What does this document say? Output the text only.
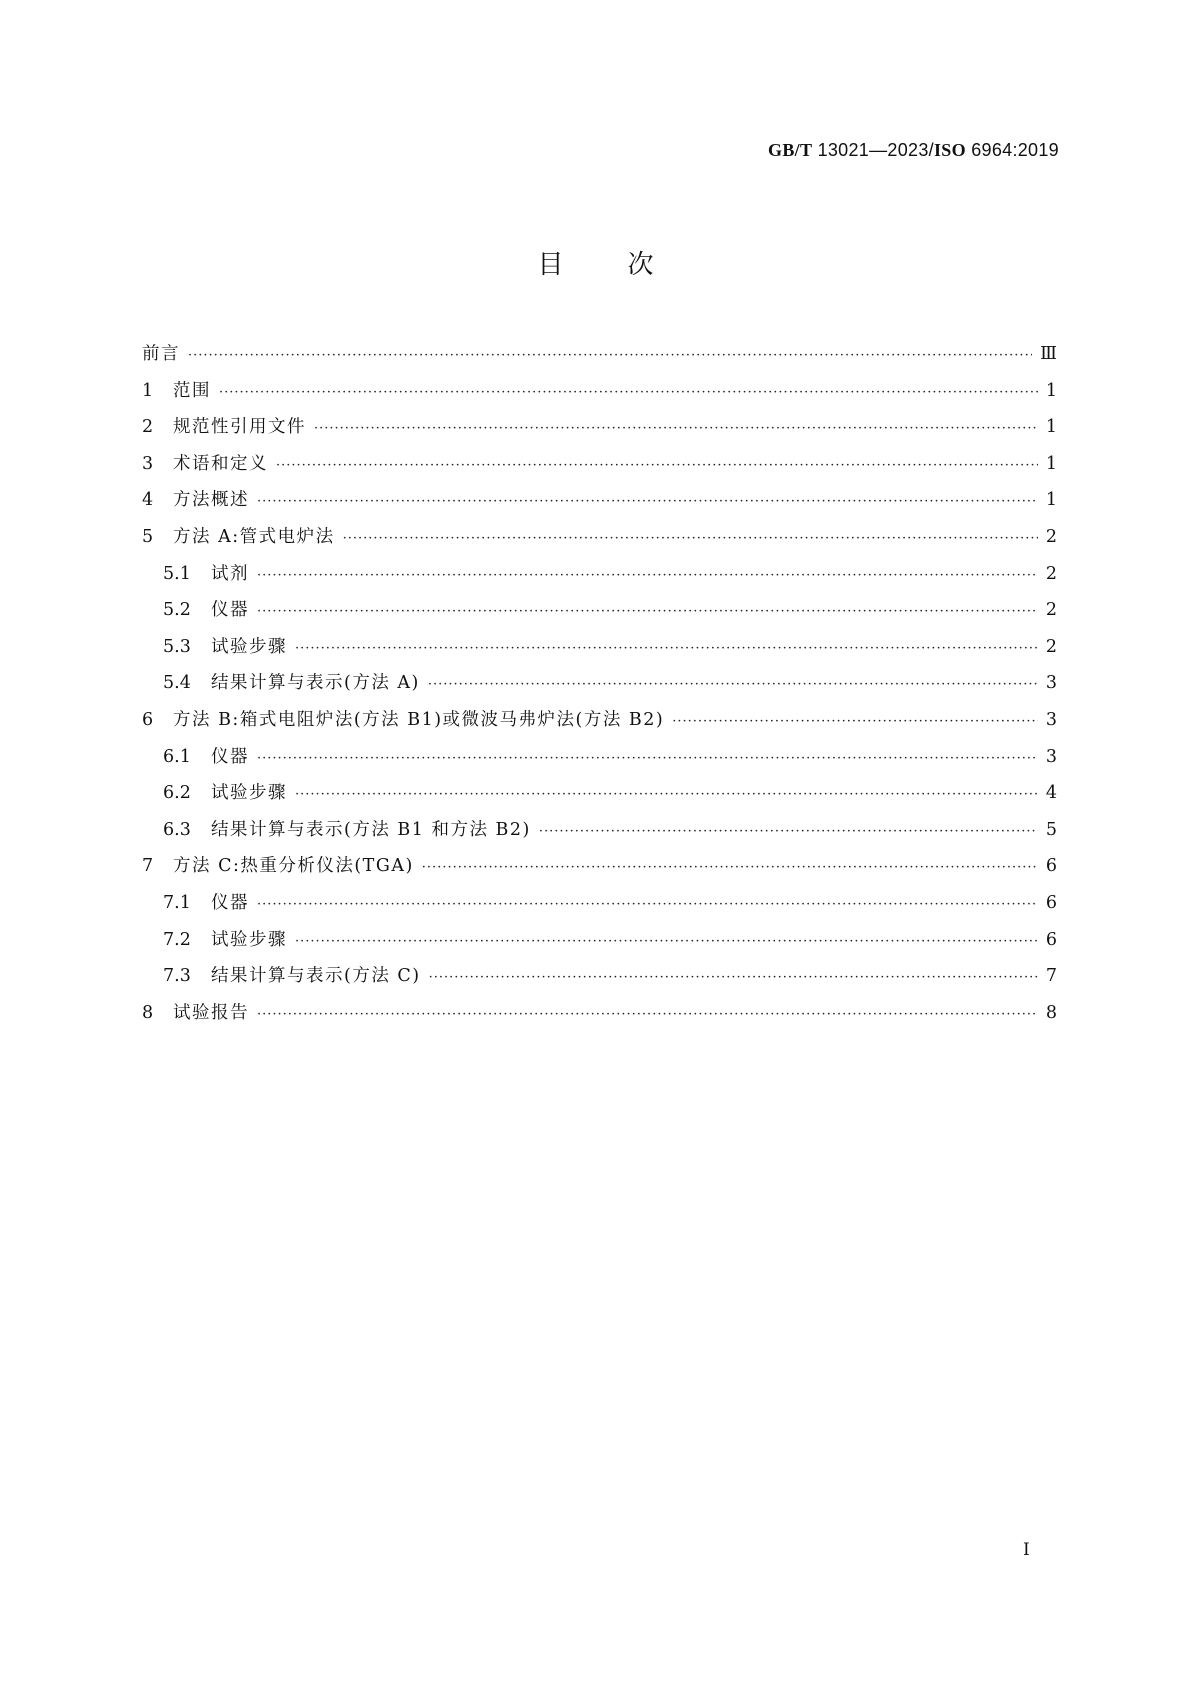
GB/T 13021—2023/ISO 6964:2019
目 次
前言 ·····	Ⅲ
1	范围 ·····	1
2	规范性引用文件 ·····	1
3	术语和定义 ·····	1
4	方法概述 ·····	1
5	方法 A:管式电炉法 ·····	2
5.1	试剂 ·····	2
5.2	仪器 ·····	2
5.3	试验步骤 ·····	2
5.4	结果计算与表示(方法 A) ·····	3
6	方法 B:箱式电阻炉法(方法 B1)或微波马弗炉法(方法 B2) ·····	3
6.1	仪器 ·····	3
6.2	试验步骤 ·····	4
6.3	结果计算与表示(方法 B1 和方法 B2) ·····	5
7	方法 C:热重分析仪法(TGA) ·····	6
7.1	仪器 ·····	6
7.2	试验步骤 ·····	6
7.3	结果计算与表示(方法 C) ·····	7
8	试验报告 ·····	8
I
